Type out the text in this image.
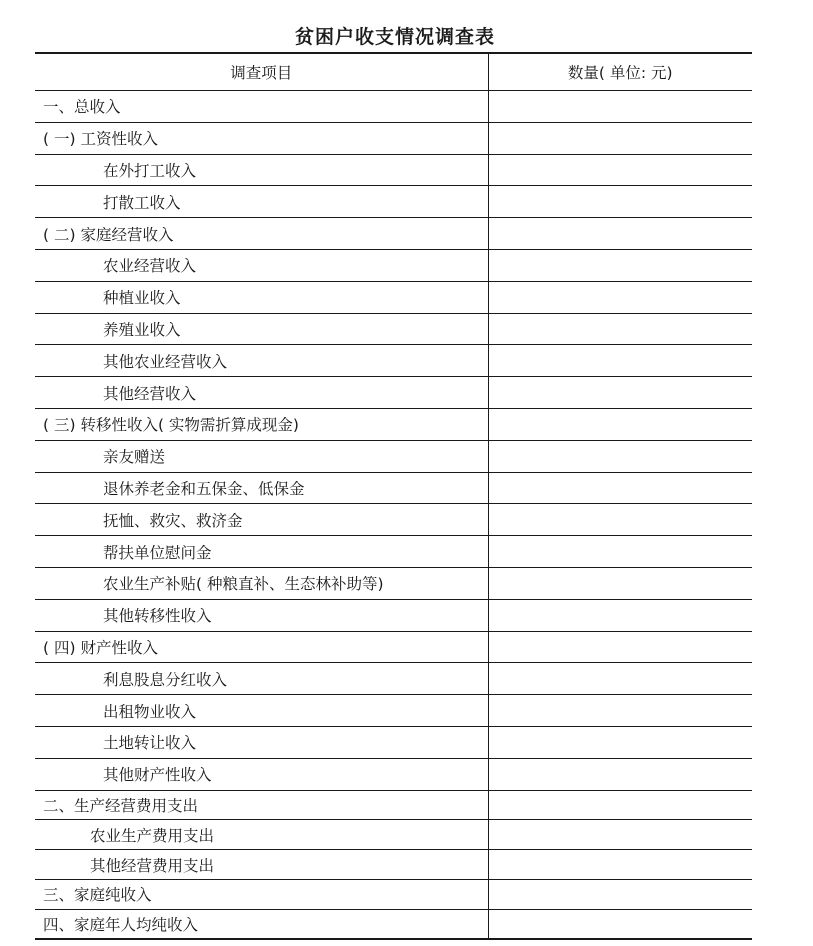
贫困户收支情况调查表
调查项目	数量( 单位: 元)
一、总收入	
( 一) 工资性收入	
在外打工收入	
打散工收入	
( 二) 家庭经营收入	
农业经营收入	
种植业收入	
养殖业收入	
其他农业经营收入	
其他经营收入	
( 三) 转移性收入( 实物需折算成现金)	
亲友赠送	
退休养老金和五保金、低保金	
抚恤、救灾、救济金	
帮扶单位慰问金	
农业生产补贴( 种粮直补、生态林补助等)	
其他转移性收入	
( 四) 财产性收入	
利息股息分红收入	
出租物业收入	
土地转让收入	
其他财产性收入	
二、生产经营费用支出	
农业生产费用支出	
其他经营费用支出	
三、家庭纯收入	
四、家庭年人均纯收入	
